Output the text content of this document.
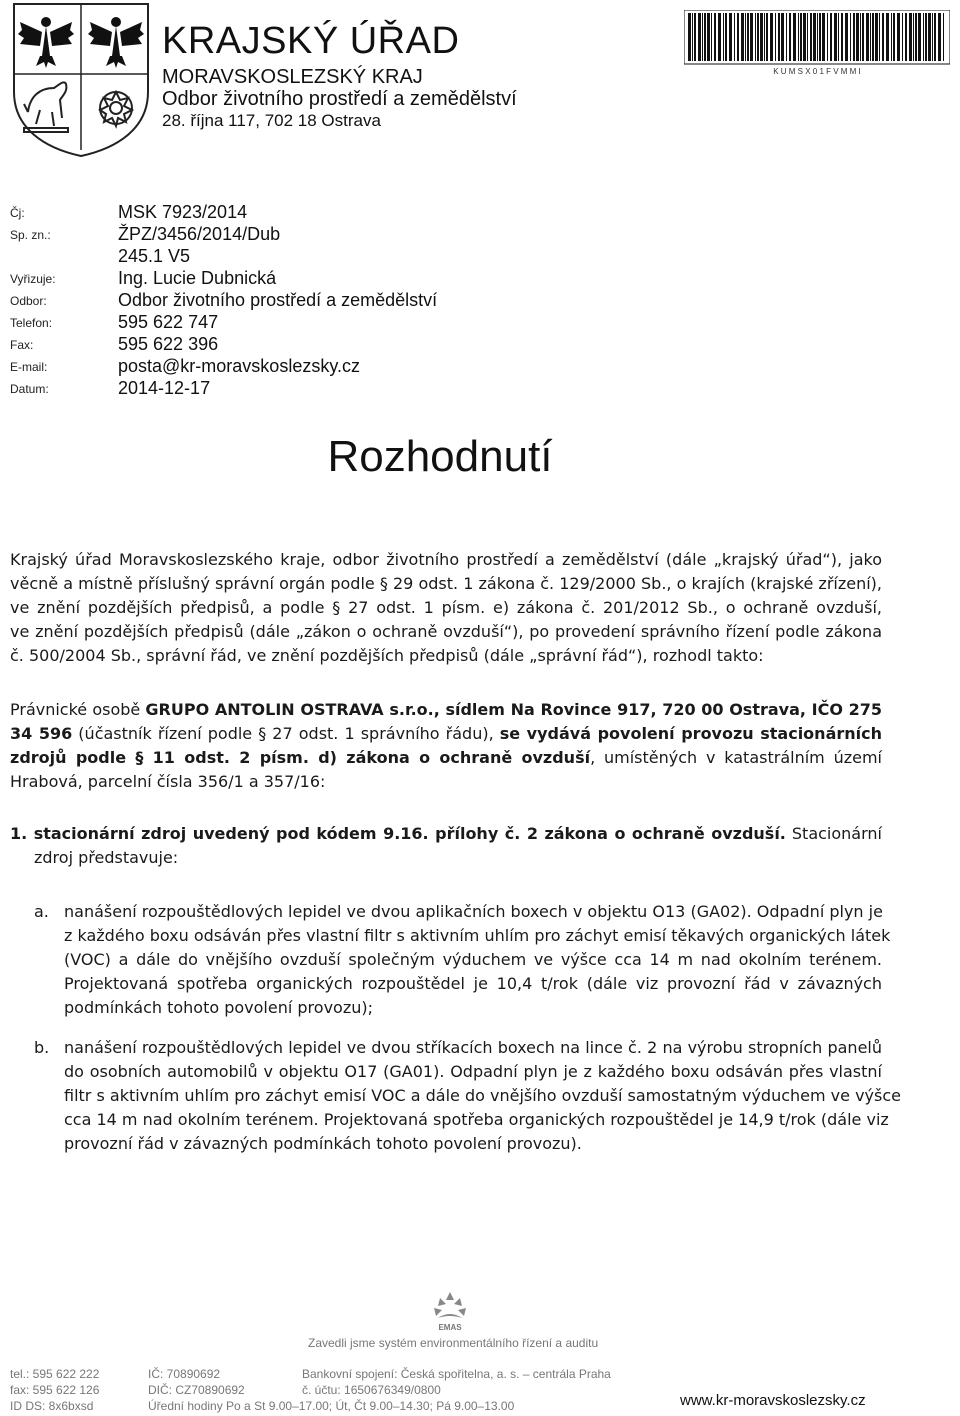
KRAJSKÝ ÚŘAD
MORAVSKOSLEZSKÝ KRAJ
Odbor životního prostředí a zemědělství
28. října 117, 702 18 Ostrava
K U M S X 0 1 F V M M I
Čj:	MSK 7923/2014
Sp. zn.:	ŽPZ/3456/2014/Dub
245.1 V5
Vyřizuje:	Ing. Lucie Dubnická
Odbor:	Odbor životního prostředí a zemědělství
Telefon:	595 622 747
Fax:	595 622 396
E-mail:	posta@kr-moravskoslezsky.cz
Datum:	2014-12-17
Rozhodnutí
Krajský úřad Moravskoslezského kraje, odbor životního prostředí a zemědělství (dále „krajský úřad“), jako
věcně a místně příslušný správní orgán podle § 29 odst. 1 zákona č. 129/2000 Sb., o krajích (krajské zřízení),
ve znění pozdějších předpisů, a podle § 27 odst. 1 písm. e) zákona č. 201/2012 Sb., o ochraně ovzduší,
ve znění pozdějších předpisů (dále „zákon o ochraně ovzduší“), po provedení správního řízení podle zákona
č. 500/2004 Sb., správní řád, ve znění pozdějších předpisů (dále „správní řád“), rozhodl takto:
Právnické osobě GRUPO ANTOLIN OSTRAVA s.r.o., sídlem Na Rovince 917, 720 00 Ostrava, IČO 275
34 596 (účastník řízení podle § 27 odst. 1 správního řádu), se vydává povolení provozu stacionárních
zdrojů podle § 11 odst. 2 písm. d) zákona o ochraně ovzduší, umístěných v katastrálním území
Hrabová, parcelní čísla 356/1 a 357/16:
1. stacionární zdroj uvedený pod kódem 9.16. přílohy č. 2 zákona o ochraně ovzduší. Stacionární
zdroj představuje:
a. nanášení rozpouštědlových lepidel ve dvou aplikačních boxech v objektu O13 (GA02). Odpadní plyn je
z každého boxu odsáván přes vlastní filtr s aktivním uhlím pro záchyt emisí těkavých organických látek
(VOC) a dále do vnějšího ovzduší společným výduchem ve výšce cca 14 m nad okolním terénem.
Projektovaná spotřeba organických rozpouštědel je 10,4 t/rok (dále viz provozní řád v závazných
podmínkách tohoto povolení provozu);
b. nanášení rozpouštědlových lepidel ve dvou stříkacích boxech na lince č. 2 na výrobu stropních panelů
do osobních automobilů v objektu O17 (GA01). Odpadní plyn je z každého boxu odsáván přes vlastní
filtr s aktivním uhlím pro záchyt emisí VOC a dále do vnějšího ovzduší samostatným výduchem ve výšce
cca 14 m nad okolním terénem. Projektovaná spotřeba organických rozpouštědel je 14,9 t/rok (dále viz
provozní řád v závazných podmínkách tohoto povolení provozu).
EMAS
Zavedli jsme systém environmentálního řízení a auditu
tel.: 595 622 222
fax: 595 622 126
ID DS: 8x6bxsd
IČ: 70890692
DIČ: CZ70890692
Úřední hodiny Po a St 9.00–17.00; Út, Čt 9.00–14.30; Pá 9.00–13.00
Bankovní spojení: Česká spořitelna, a. s. – centrála Praha
č. účtu: 1650676349/0800
www.kr-moravskoslezsky.cz
